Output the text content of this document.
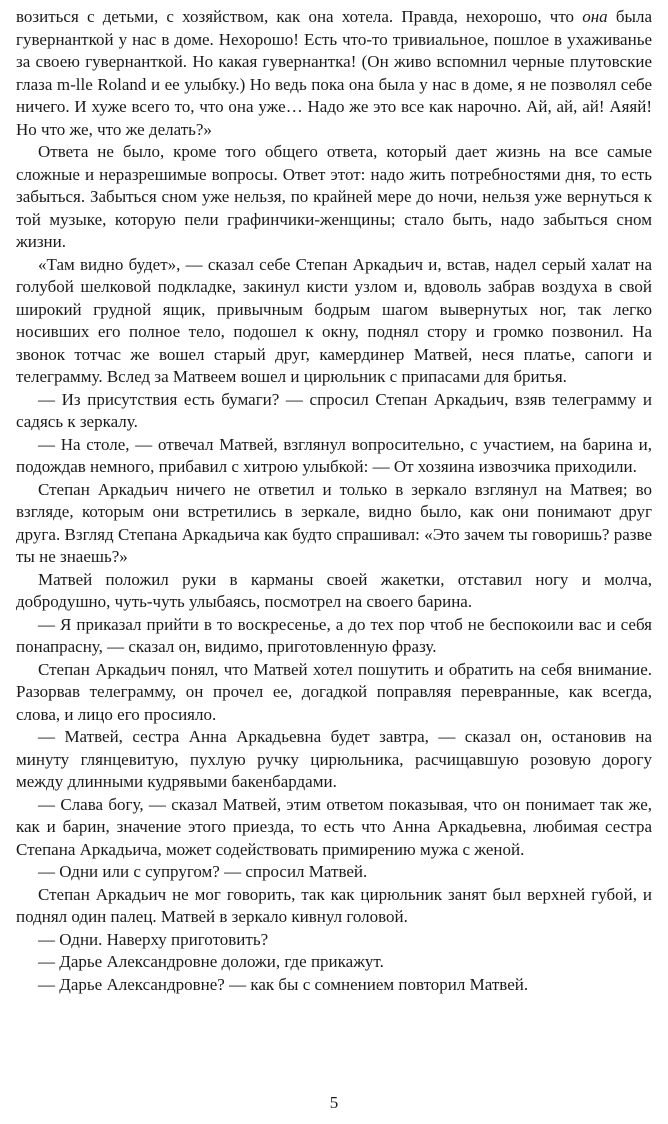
возиться с детьми, с хозяйством, как она хотела. Правда, нехорошо, что она была гувернанткой у нас в доме. Нехорошо! Есть что-то тривиальное, пошлое в ухаживанье за своею гувернанткой. Но какая гувернантка! (Он живо вспомнил черные плутовские глаза m-lle Roland и ее улыбку.) Но ведь пока она была у нас в доме, я не позволял себе ничего. И хуже всего то, что она уже… Надо же это все как нарочно. Ай, ай, ай! Аяяй! Но что же, что же делать?»

Ответа не было, кроме того общего ответа, который дает жизнь на все самые сложные и неразрешимые вопросы. Ответ этот: надо жить потребностями дня, то есть забыться. Забыться сном уже нельзя, по крайней мере до ночи, нельзя уже вернуться к той музыке, которую пели графинчики-женщины; стало быть, надо забыться сном жизни.

«Там видно будет», — сказал себе Степан Аркадьич и, встав, надел серый халат на голубой шелковой подкладке, закинул кисти узлом и, вдоволь забрав воздуха в свой широкий грудной ящик, привычным бодрым шагом вывернутых ног, так легко носивших его полное тело, подошел к окну, поднял стору и громко позвонил. На звонок тотчас же вошел старый друг, камердинер Матвей, неся платье, сапоги и телеграмму. Вслед за Матвеем вошел и цирюльник с припасами для бритья.

— Из присутствия есть бумаги? — спросил Степан Аркадьич, взяв телеграмму и садясь к зеркалу.

— На столе, — отвечал Матвей, взглянул вопросительно, с участием, на барина и, подождав немного, прибавил с хитрою улыбкой: — От хозяина извозчика приходили.

Степан Аркадьич ничего не ответил и только в зеркало взглянул на Матвея; во взгляде, которым они встретились в зеркале, видно было, как они понимают друг друга. Взгляд Степана Аркадьича как будто спрашивал: «Это зачем ты говоришь? разве ты не знаешь?»

Матвей положил руки в карманы своей жакетки, отставил ногу и молча, добродушно, чуть-чуть улыбаясь, посмотрел на своего барина.

— Я приказал прийти в то воскресенье, а до тех пор чтоб не беспокоили вас и себя понапрасну, — сказал он, видимо, приготовленную фразу.

Степан Аркадьич понял, что Матвей хотел пошутить и обратить на себя внимание. Разорвав телеграмму, он прочел ее, догадкой поправляя перевранные, как всегда, слова, и лицо его просияло.

— Матвей, сестра Анна Аркадьевна будет завтра, — сказал он, остановив на минуту глянцевитую, пухлую ручку цирюльника, расчищавшую розовую дорогу между длинными кудрявыми бакенбардами.

— Слава богу, — сказал Матвей, этим ответом показывая, что он понимает так же, как и барин, значение этого приезда, то есть что Анна Аркадьевна, любимая сестра Степана Аркадьича, может содействовать примирению мужа с женой.

— Одни или с супругом? — спросил Матвей.

Степан Аркадьич не мог говорить, так как цирюльник занят был верхней губой, и поднял один палец. Матвей в зеркало кивнул головой.

— Одни. Наверху приготовить?

— Дарье Александровне доложи, где прикажут.

— Дарье Александровне? — как бы с сомнением повторил Матвей.

5
